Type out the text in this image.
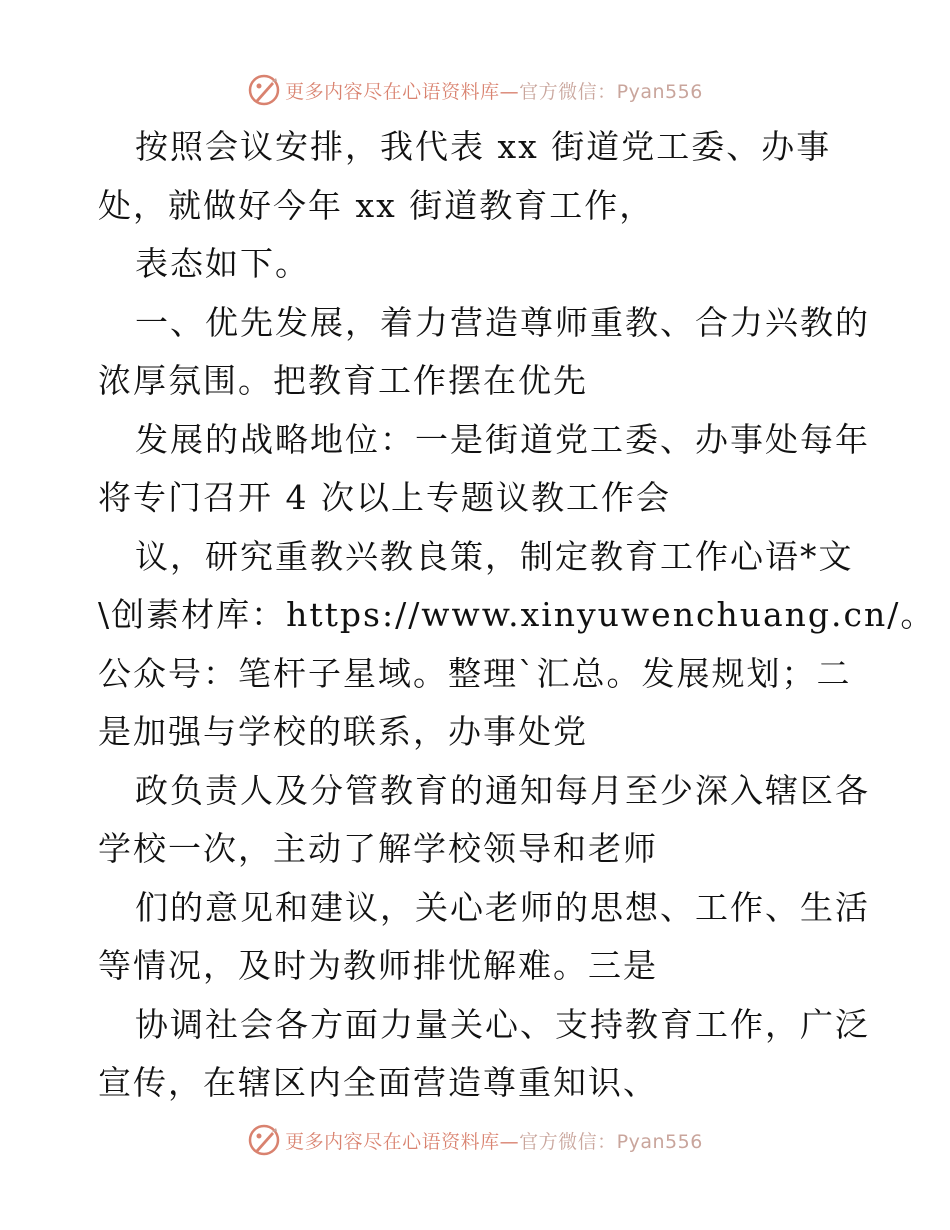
更多内容尽在心语资料库—官方微信：Pyan556
按照会议安排，我代表 xx 街道党工委、办事
处，就做好今年 xx 街道教育工作，
表态如下。
一、优先发展，着力营造尊师重教、合力兴教的
浓厚氛围。把教育工作摆在优先
发展的战略地位：一是街道党工委、办事处每年
将专门召开 4 次以上专题议教工作会
议，研究重教兴教良策，制定教育工作心语*文
\创素材库：https://www.xinyuwenchuang.cn/。
公众号：笔杆子星域。整理`汇总。发展规划；二
是加强与学校的联系，办事处党
政负责人及分管教育的通知每月至少深入辖区各
学校一次，主动了解学校领导和老师
们的意见和建议，关心老师的思想、工作、生活
等情况，及时为教师排忧解难。三是
协调社会各方面力量关心、支持教育工作，广泛
宣传，在辖区内全面营造尊重知识、
更多内容尽在心语资料库—官方微信：Pyan556
